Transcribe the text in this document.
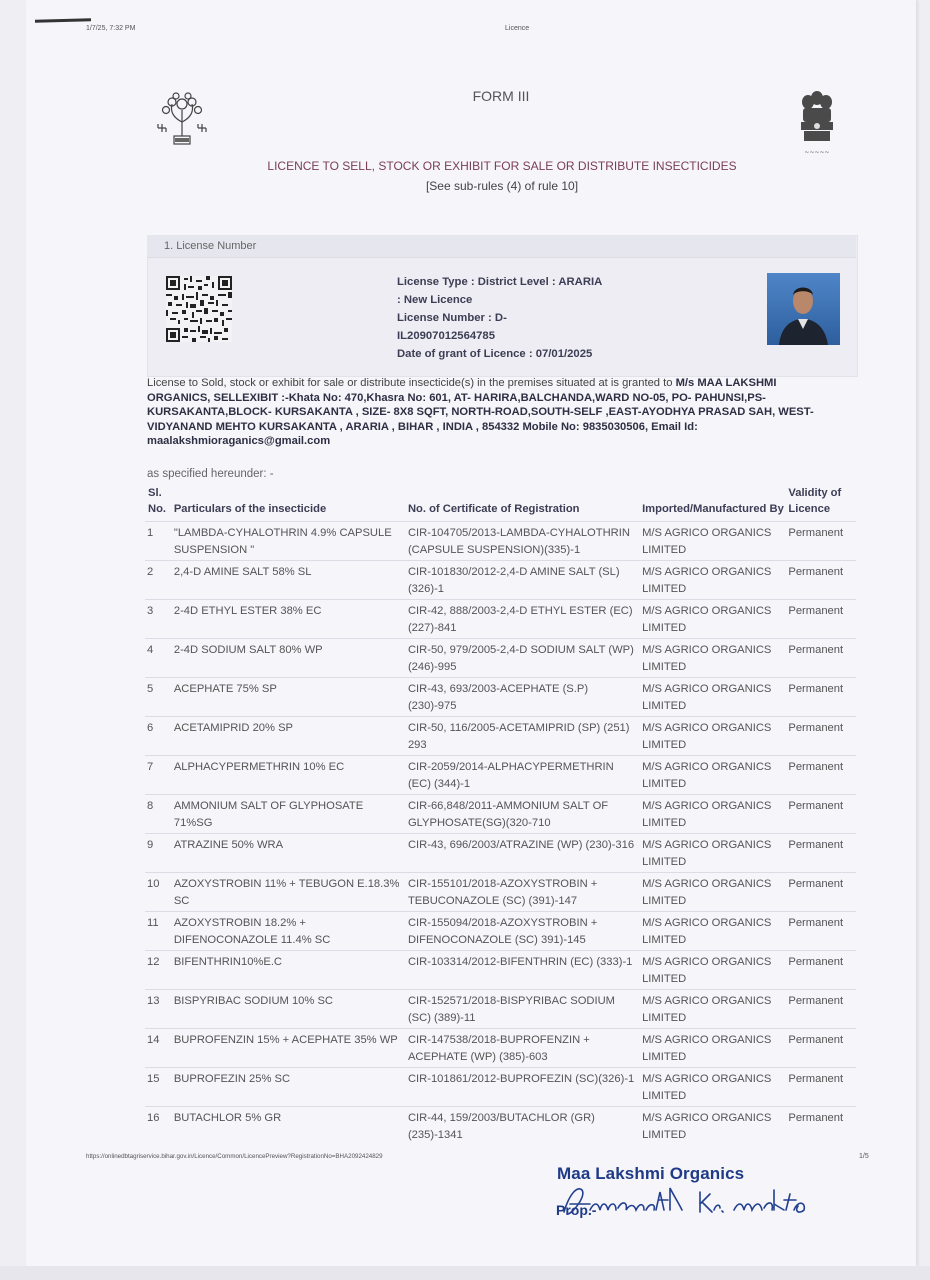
1/7/25, 7:32 PM	Licence
~~~~~
FORM III
LICENCE TO SELL, STOCK OR EXHIBIT FOR SALE OR DISTRIBUTE INSECTICIDES
[See sub-rules (4) of rule 10]
1. License Number
License Type : District Level : ARARIA
: New Licence
License Number : D-
IL20907012564785
Date of grant of Licence : 07/01/2025
License to Sold, stock or exhibit for sale or distribute insecticide(s) in the premises situated at is granted to M/s MAA LAKSHMI ORGANICS, SELLEXIBIT :-Khata No: 470,Khasra No: 601, AT- HARIRA,BALCHANDA,WARD NO-05, PO- PAHUNSI,PS-KURSAKANTA,BLOCK- KURSAKANTA , SIZE- 8X8 SQFT, NORTH-ROAD,SOUTH-SELF ,EAST-AYODHYA PRASAD SAH, WEST-VIDYANAND MEHTO KURSAKANTA , ARARIA , BIHAR , INDIA , 854332 Mobile No: 9835030506, Email Id: maalakshmioraganics@gmail.com
as specified hereunder: -
Sl. No.	Particulars of the insecticide	No. of Certificate of Registration	Imported/Manufactured By	Validity of Licence
1	"LAMBDA-CYHALOTHRIN 4.9% CAPSULE SUSPENSION "	CIR-104705/2013-LAMBDA-CYHALOTHRIN (CAPSULE SUSPENSION)(335)-1	M/S AGRICO ORGANICS LIMITED	Permanent
2	2,4-D AMINE SALT 58% SL	CIR-101830/2012-2,4-D AMINE SALT (SL) (326)-1	M/S AGRICO ORGANICS LIMITED	Permanent
3	2-4D ETHYL ESTER 38% EC	CIR-42, 888/2003-2,4-D ETHYL ESTER (EC) (227)-841	M/S AGRICO ORGANICS LIMITED	Permanent
4	2-4D SODIUM SALT 80% WP	CIR-50, 979/2005-2,4-D SODIUM SALT (WP) (246)-995	M/S AGRICO ORGANICS LIMITED	Permanent
5	ACEPHATE 75% SP	CIR-43, 693/2003-ACEPHATE (S.P) (230)-975	M/S AGRICO ORGANICS LIMITED	Permanent
6	ACETAMIPRID 20% SP	CIR-50, 116/2005-ACETAMIPRID (SP) (251) 293	M/S AGRICO ORGANICS LIMITED	Permanent
7	ALPHACYPERMETHRIN 10% EC	CIR-2059/2014-ALPHACYPERMETHRIN (EC) (344)-1	M/S AGRICO ORGANICS LIMITED	Permanent
8	AMMONIUM SALT OF GLYPHOSATE 71%SG	CIR-66,848/2011-AMMONIUM SALT OF GLYPHOSATE(SG)(320-710	M/S AGRICO ORGANICS LIMITED	Permanent
9	ATRAZINE 50% WRA	CIR-43, 696/2003/ATRAZINE (WP) (230)-316	M/S AGRICO ORGANICS LIMITED	Permanent
10	AZOXYSTROBIN 11% + TEBUGON E.18.3% SC	CIR-155101/2018-AZOXYSTROBIN + TEBUCONAZOLE (SC) (391)-147	M/S AGRICO ORGANICS LIMITED	Permanent
11	AZOXYSTROBIN 18.2% + DIFENOCONAZOLE 11.4% SC	CIR-155094/2018-AZOXYSTROBIN + DIFENOCONAZOLE (SC) 391)-145	M/S AGRICO ORGANICS LIMITED	Permanent
12	BIFENTHRIN10%E.C	CIR-103314/2012-BIFENTHRIN (EC) (333)-1	M/S AGRICO ORGANICS LIMITED	Permanent
13	BISPYRIBAC SODIUM 10% SC	CIR-152571/2018-BISPYRIBAC SODIUM (SC) (389)-11	M/S AGRICO ORGANICS LIMITED	Permanent
14	BUPROFENZIN 15% + ACEPHATE 35% WP	CIR-147538/2018-BUPROFENZIN + ACEPHATE (WP) (385)-603	M/S AGRICO ORGANICS LIMITED	Permanent
15	BUPROFEZIN 25% SC	CIR-101861/2012-BUPROFEZIN (SC)(326)-1	M/S AGRICO ORGANICS LIMITED	Permanent
16	BUTACHLOR 5% GR	CIR-44, 159/2003/BUTACHLOR (GR) (235)-1341	M/S AGRICO ORGANICS LIMITED	Permanent
https://onlinedbtagriservice.bihar.gov.in/Licence/Common/LicencePreview?RegistrationNo=BHA2092424829	1/5
Maa Lakshmi Organics
Prop.-
